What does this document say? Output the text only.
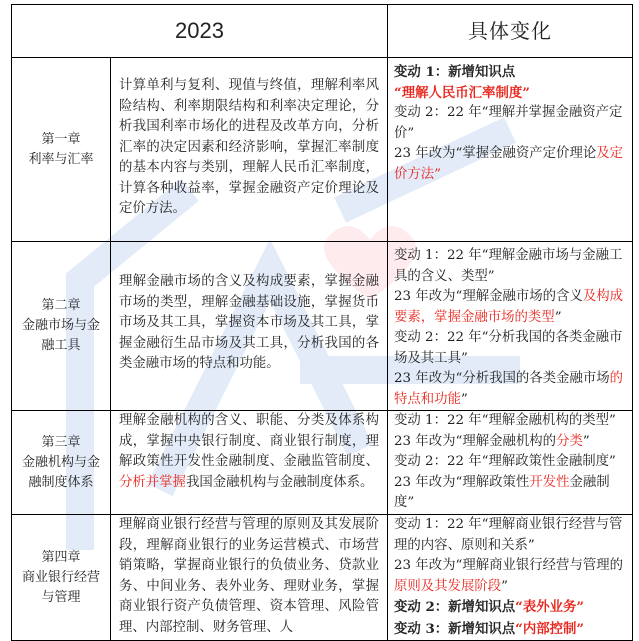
2023		具体变化

第一章
利率与汇率	计算单利与复利、现值与终值，理解利率风险结构、利率期限结构和利率决定理论，分析我国利率市场化的进程及改革方向，分析汇率的决定因素和经济影响，掌握汇率制度的基本内容与类别，理解人民币汇率制度，计算各种收益率，掌握金融资产定价理论及定价方法。	变动 1：新增知识点
“理解人民币汇率制度”
变动 2：22 年“理解并掌握金融资产定价”
23 年改为“掌握金融资产定价理论及定价方法”

第二章
金融市场与金融工具	理解金融市场的含义及构成要素，掌握金融市场的类型，理解金融基础设施，掌握货币市场及其工具，掌握资本市场及其工具，掌握金融衍生品市场及其工具，分析我国的各类金融市场的特点和功能。	变动 1：22 年“理解金融市场与金融工具的含义、类型”
23 年改为“理解金融市场的含义及构成要素，掌握金融市场的类型”
变动 2：22 年“分析我国的各类金融市场及其工具”
23 年改为“分析我国的各类金融市场的特点和功能”

第三章
金融机构与金融制度体系	理解金融机构的含义、职能、分类及体系构成，掌握中央银行制度、商业银行制度，理解政策性开发性金融制度、金融监管制度、分析并掌握我国金融机构与金融制度体系。	变动 1：22 年“理解金融机构的类型”
23 年改为“理解金融机构的分类”
变动 2：22 年“理解政策性金融制度”
23 年改为“理解政策性开发性金融制度”

第四章
商业银行经营与管理	理解商业银行经营与管理的原则及其发展阶段，理解商业银行的业务运营模式、市场营销策略，掌握商业银行的负债业务、贷款业务、中间业务、表外业务、理财业务，掌握商业银行资产负债管理、资本管理、风险管理、内部控制、财务管理、人	变动 1：22 年“理解商业银行经营与管理的内容、原则和关系”
23 年改为“理解商业银行经营与管理的原则及其发展阶段”
变动 2：新增知识点“表外业务”
变动 3：新增知识点“内部控制”
